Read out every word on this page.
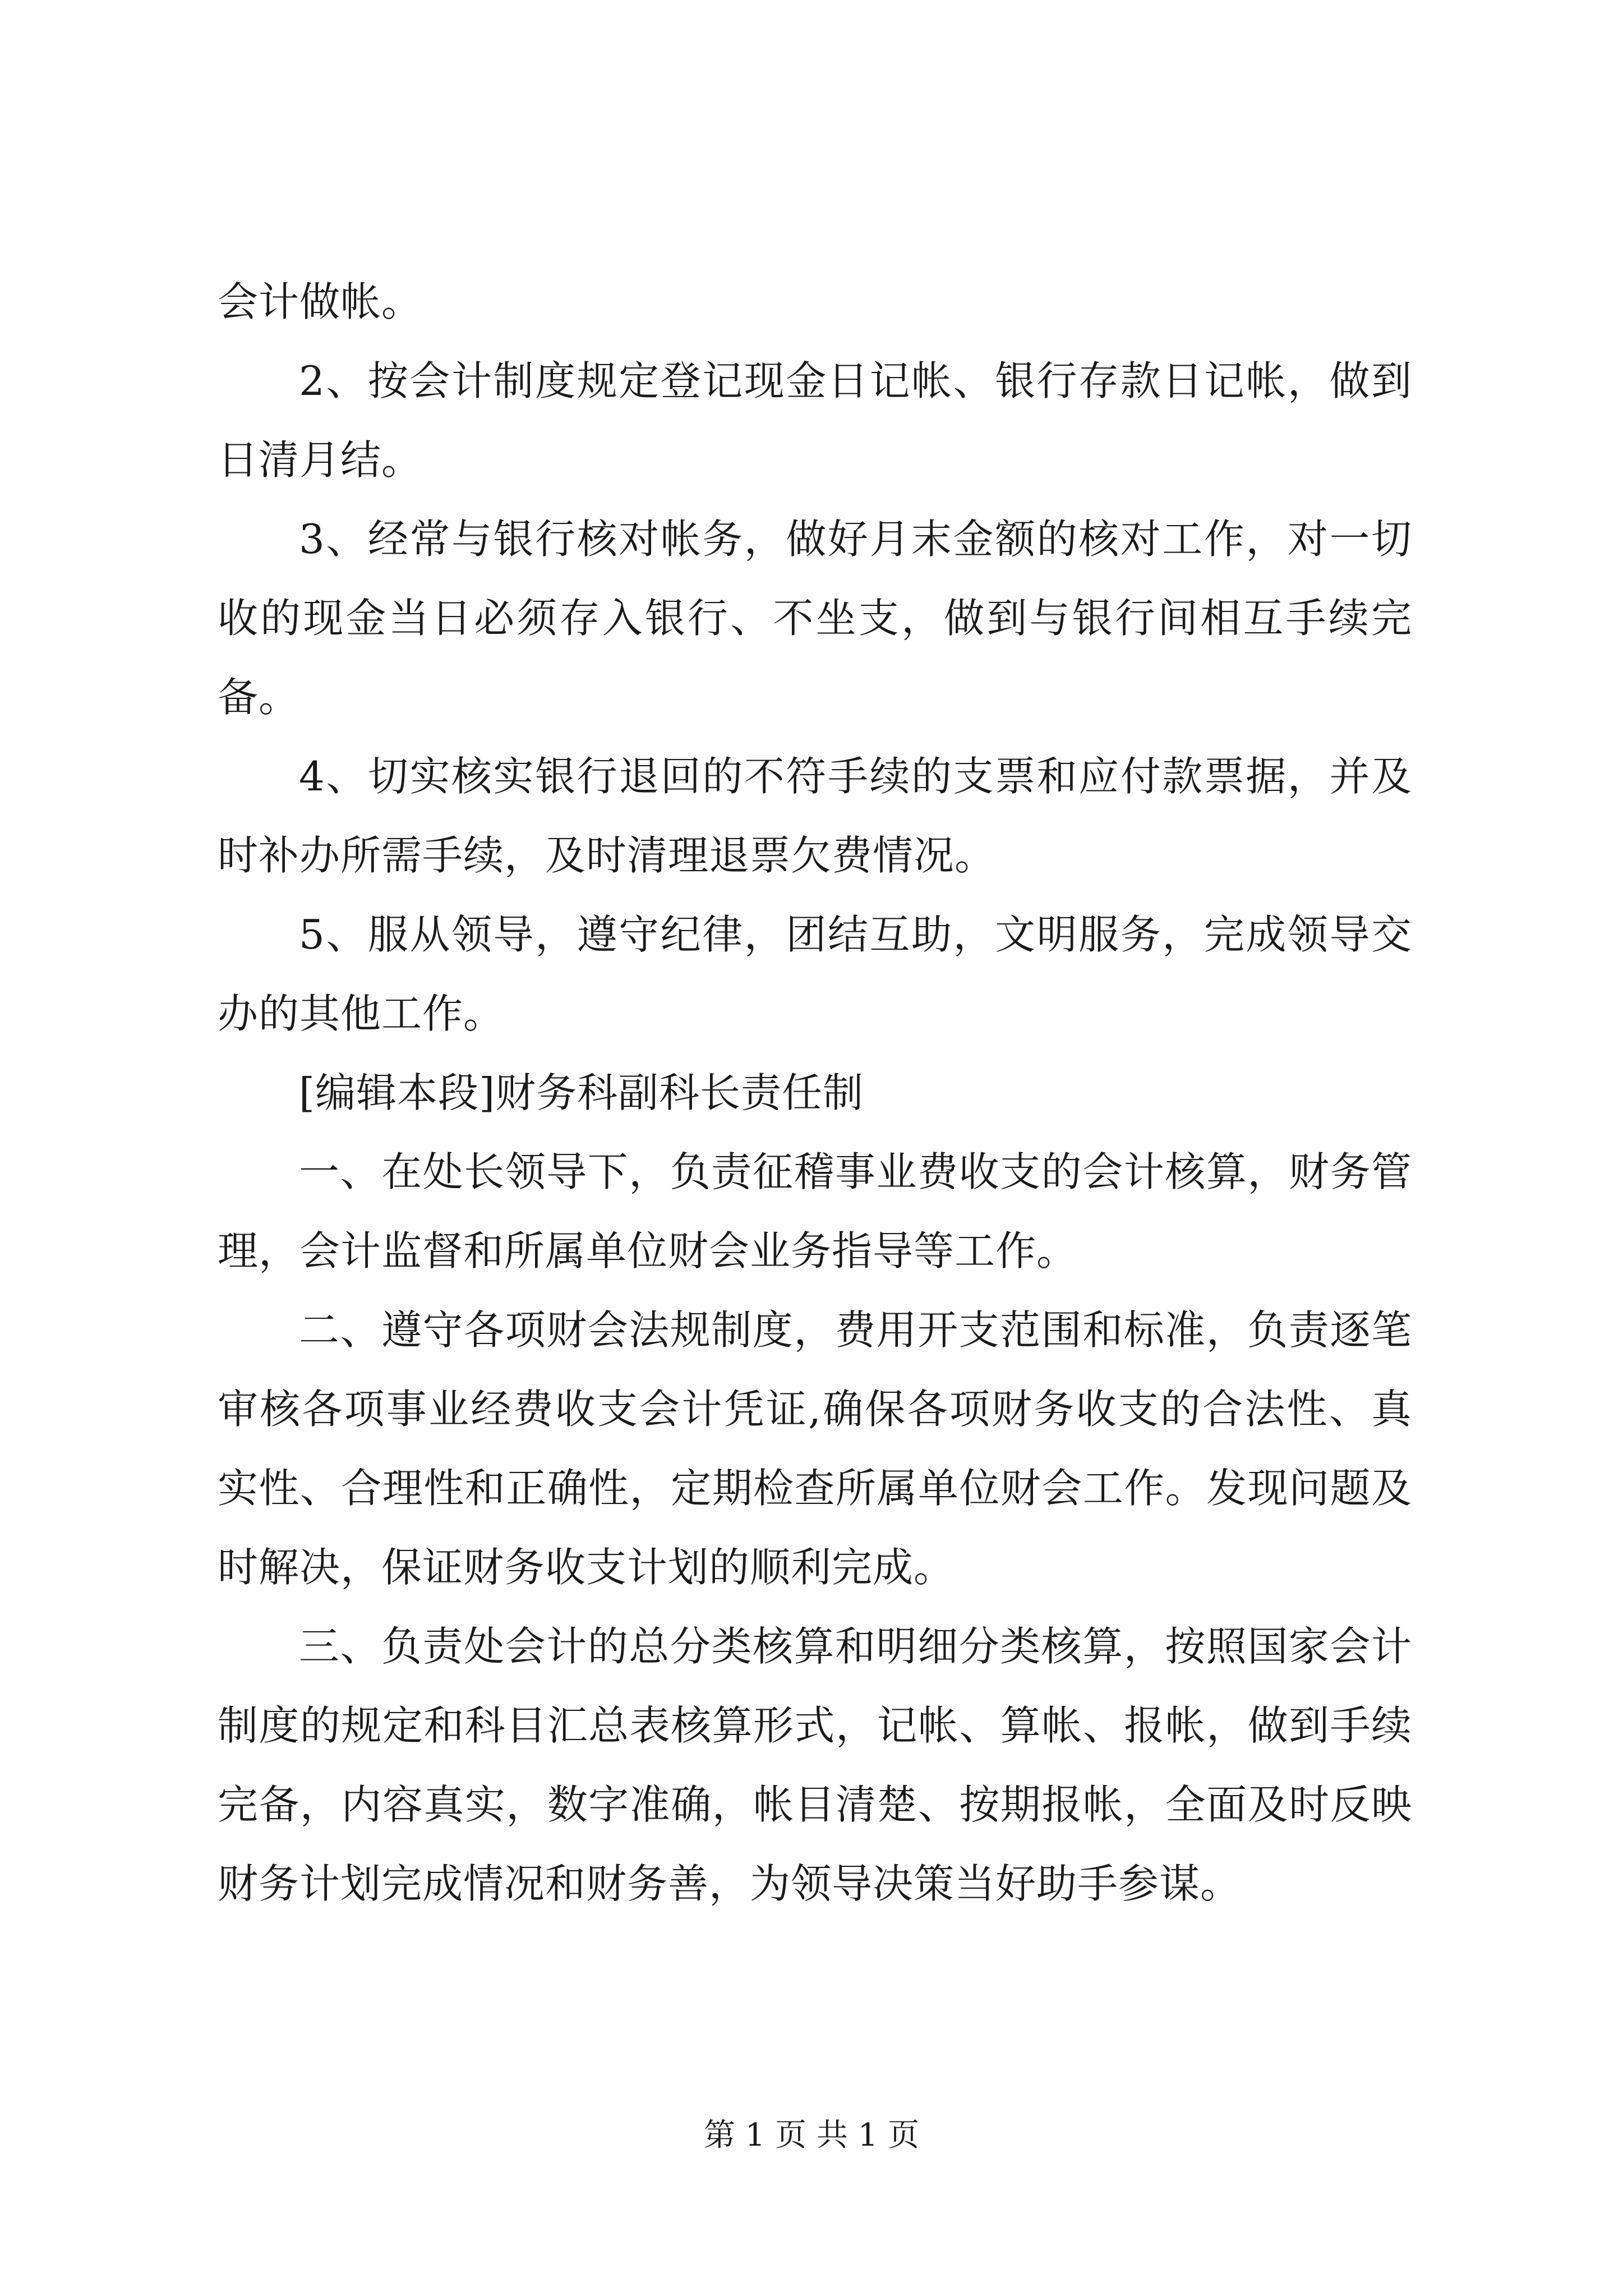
会计做帐。

2、按会计制度规定登记现金日记帐、银行存款日记帐，做到日清月结。

3、经常与银行核对帐务，做好月末金额的核对工作，对一切收的现金当日必须存入银行、不坐支，做到与银行间相互手续完备。

4、切实核实银行退回的不符手续的支票和应付款票据，并及时补办所需手续，及时清理退票欠费情况。

5、服从领导，遵守纪律，团结互助，文明服务，完成领导交办的其他工作。

[编辑本段]财务科副科长责任制

一、在处长领导下，负责征稽事业费收支的会计核算，财务管理，会计监督和所属单位财会业务指导等工作。

二、遵守各项财会法规制度，费用开支范围和标准，负责逐笔审核各项事业经费收支会计凭证,确保各项财务收支的合法性、真实性、合理性和正确性，定期检查所属单位财会工作。发现问题及时解决，保证财务收支计划的顺利完成。

三、负责处会计的总分类核算和明细分类核算，按照国家会计制度的规定和科目汇总表核算形式，记帐、算帐、报帐，做到手续完备，内容真实，数字准确，帐目清楚、按期报帐，全面及时反映财务计划完成情况和财务善，为领导决策当好助手参谋。

第 1 页 共 1 页
